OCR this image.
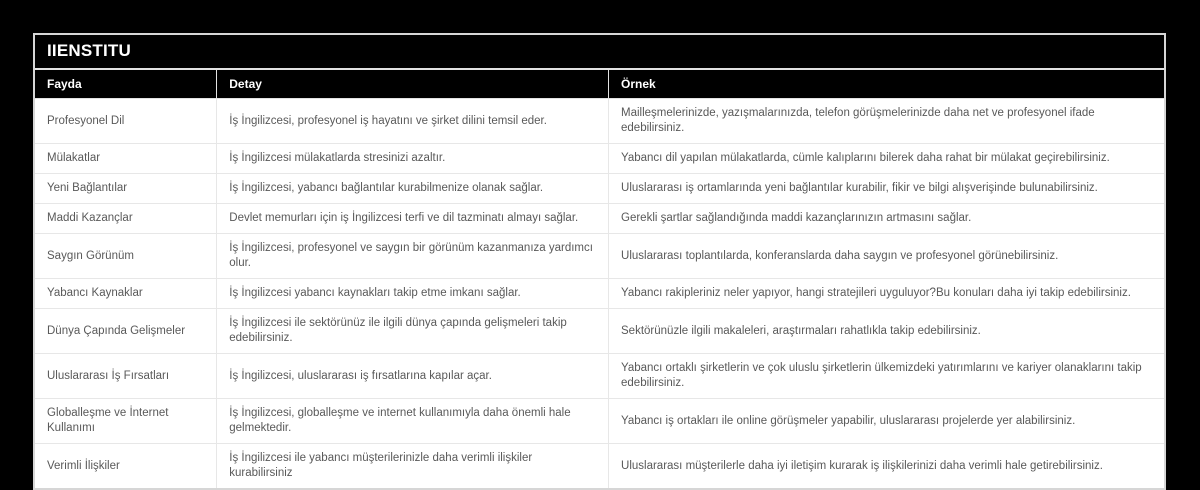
IIENSTITU
Fayda	Detay	Örnek
Profesyonel Dil	İş İngilizcesi, profesyonel iş hayatını ve şirket dilini temsil eder.	Mailleşmelerinizde, yazışmalarınızda, telefon görüşmelerinizde daha net ve profesyonel ifade edebilirsiniz.
Mülakatlar	İş İngilizcesi mülakatlarda stresinizi azaltır.	Yabancı dil yapılan mülakatlarda, cümle kalıplarını bilerek daha rahat bir mülakat geçirebilirsiniz.
Yeni Bağlantılar	İş İngilizcesi, yabancı bağlantılar kurabilmenize olanak sağlar.	Uluslararası iş ortamlarında yeni bağlantılar kurabilir, fikir ve bilgi alışverişinde bulunabilirsiniz.
Maddi Kazançlar	Devlet memurları için iş İngilizcesi terfi ve dil tazminatı almayı sağlar.	Gerekli şartlar sağlandığında maddi kazançlarınızın artmasını sağlar.
Saygın Görünüm	İş İngilizcesi, profesyonel ve saygın bir görünüm kazanmanıza yardımcı olur.	Uluslararası toplantılarda, konferanslarda daha saygın ve profesyonel görünebilirsiniz.
Yabancı Kaynaklar	İş İngilizcesi yabancı kaynakları takip etme imkanı sağlar.	Yabancı rakipleriniz neler yapıyor, hangi stratejileri uyguluyor?Bu konuları daha iyi takip edebilirsiniz.
Dünya Çapında Gelişmeler	İş İngilizcesi ile sektörünüz ile ilgili dünya çapında gelişmeleri takip edebilirsiniz.	Sektörünüzle ilgili makaleleri, araştırmaları rahatlıkla takip edebilirsiniz.
Uluslararası İş Fırsatları	İş İngilizcesi, uluslararası iş fırsatlarına kapılar açar.	Yabancı ortaklı şirketlerin ve çok uluslu şirketlerin ülkemizdeki yatırımlarını ve kariyer olanaklarını takip edebilirsiniz.
Globalleşme ve İnternet Kullanımı	İş İngilizcesi, globalleşme ve internet kullanımıyla daha önemli hale gelmektedir.	Yabancı iş ortakları ile online görüşmeler yapabilir, uluslararası projelerde yer alabilirsiniz.
Verimli İlişkiler	İş İngilizcesi ile yabancı müşterilerinizle daha verimli ilişkiler kurabilirsiniz	Uluslararası müşterilerle daha iyi iletişim kurarak iş ilişkilerinizi daha verimli hale getirebilirsiniz.
